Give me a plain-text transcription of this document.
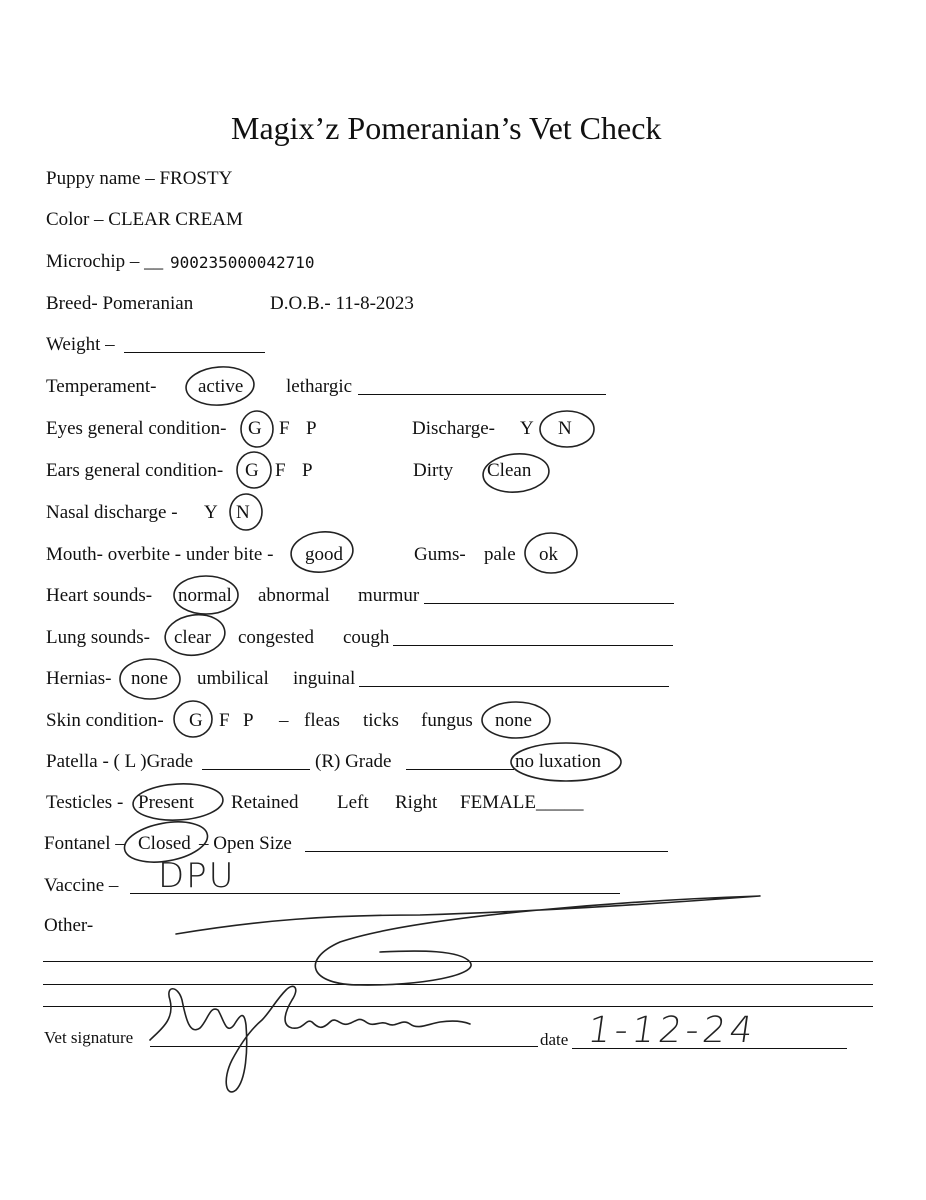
Magix’z Pomeranian’s Vet Check
Puppy name – FROSTY
Color – CLEAR CREAM
Microchip – __ 900235000042710
Breed- Pomeranian	D.O.B.- 11-8-2023
Weight –
Temperament- active lethargic
Eyes general condition- G F P	Discharge- Y N
Ears general condition- G F P	Dirty Clean
Nasal discharge - Y N
Mouth- overbite - under bite - good	Gums- pale ok
Heart sounds- normal abnormal murmur
Lung sounds- clear congested cough
Hernias- none umbilical inguinal
Skin condition- G F P – fleas ticks fungus none
Patella - ( L )Grade	(R) Grade	no luxation
Testicles - Present Retained Left Right FEMALE_____
Fontanel – Closed – Open Size
Vaccine – DPU
Other-
Vet signature	date 1-12-24
